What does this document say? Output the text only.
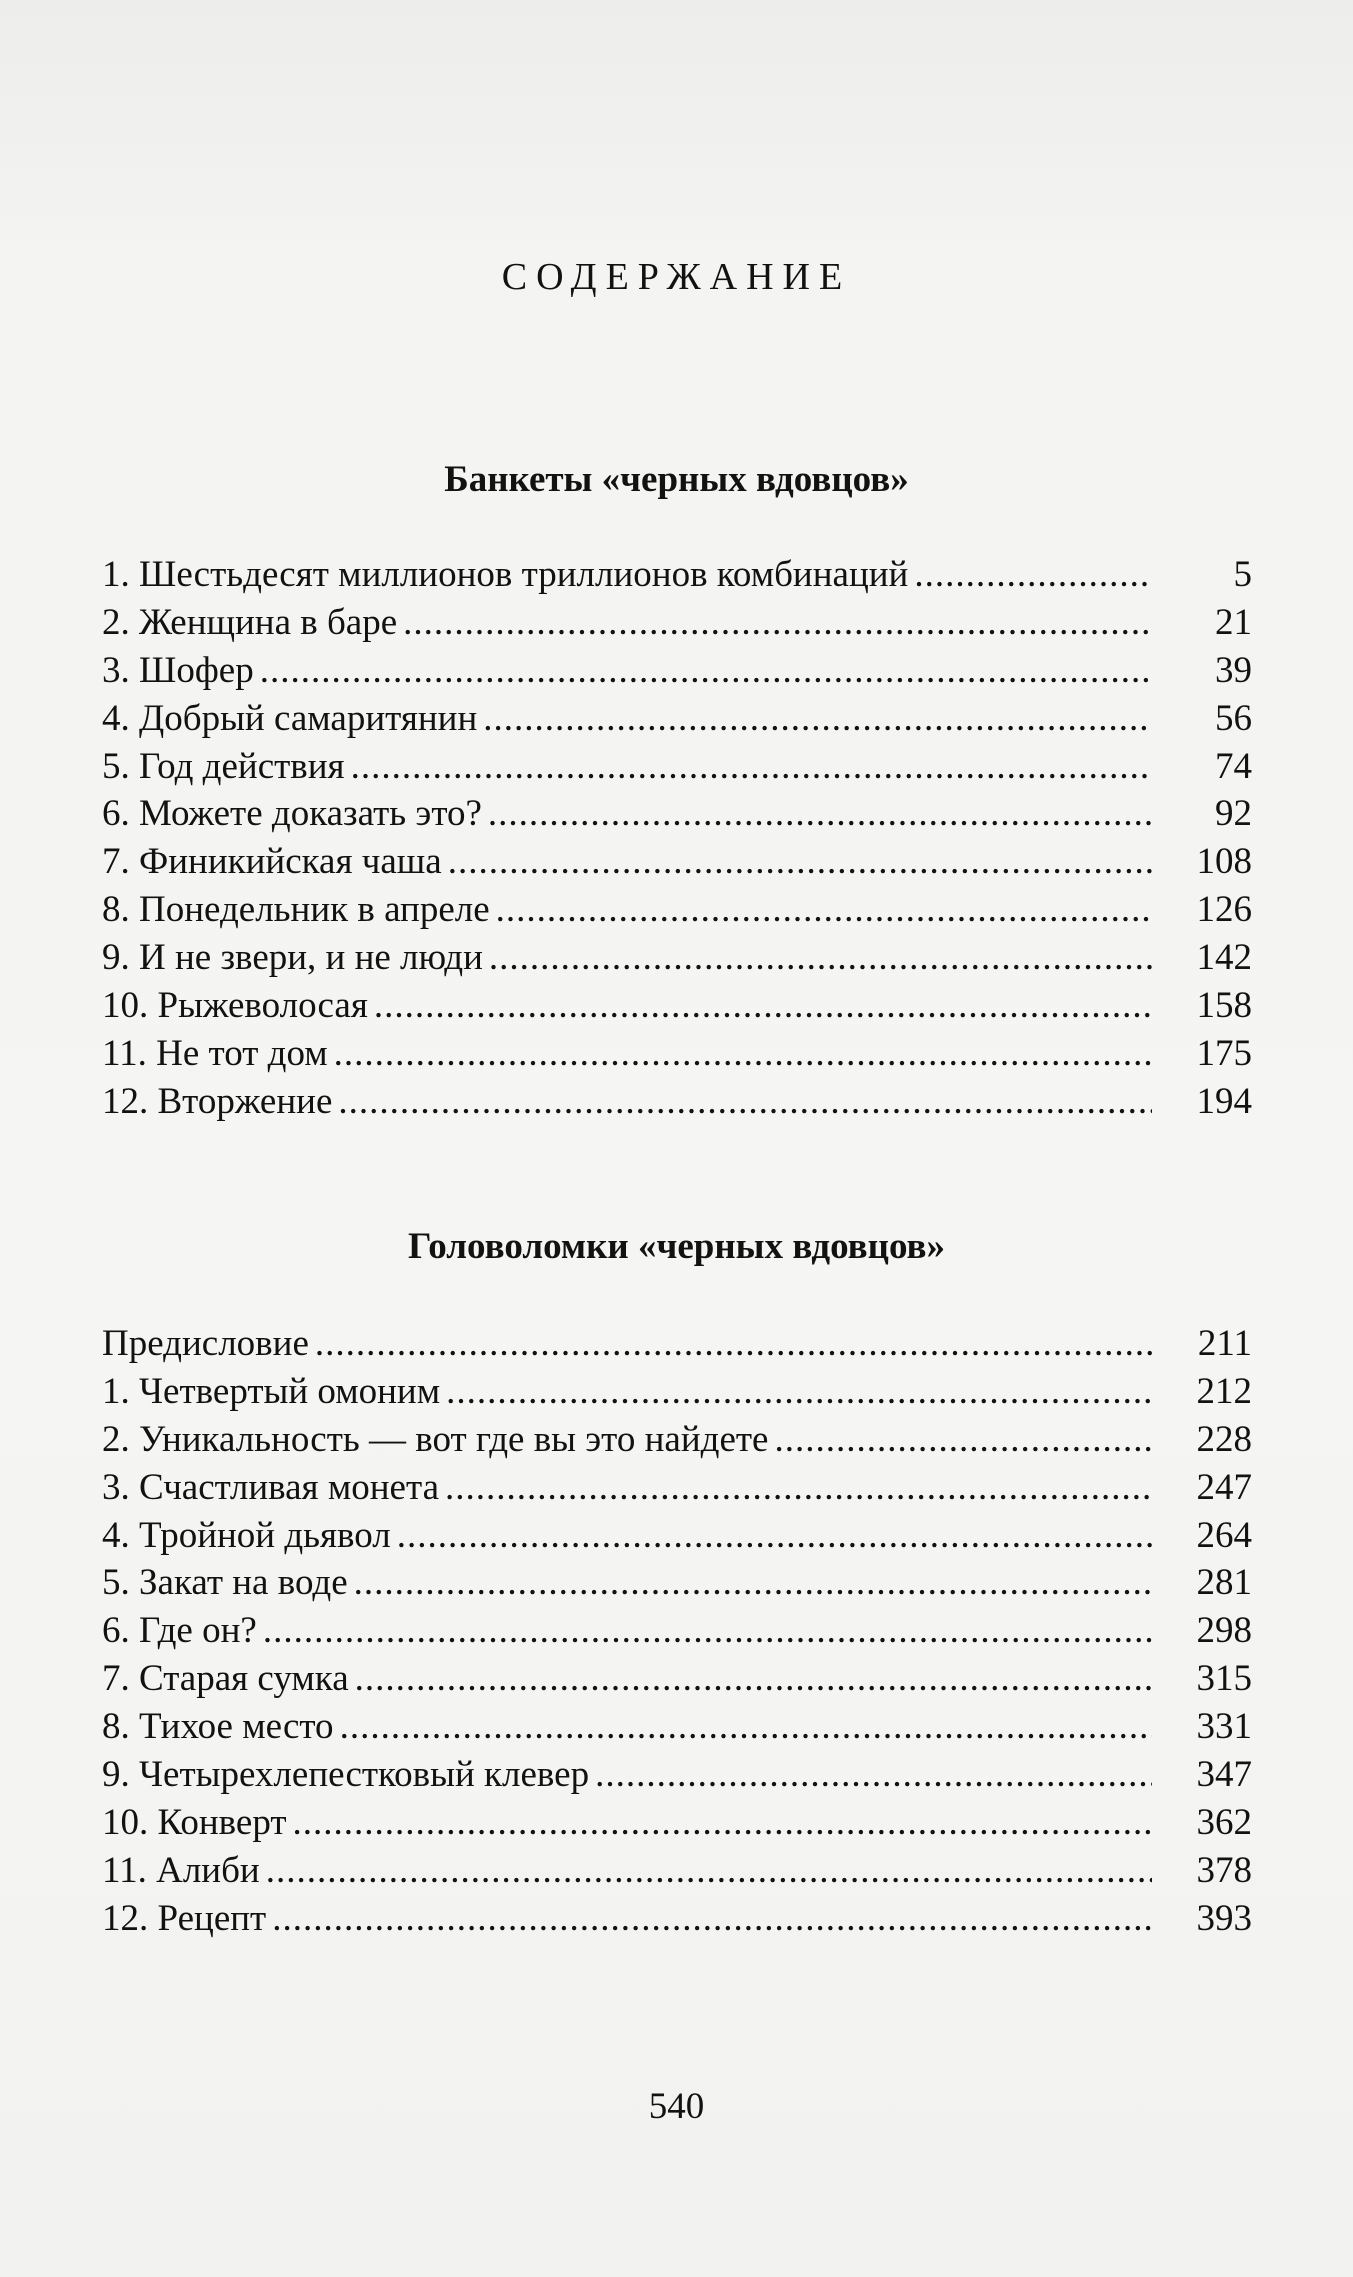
СОДЕРЖАНИЕ
Банкеты «черных вдовцов»
1. Шестьдесят миллионов триллионов комбинаций .....	5
2. Женщина в баре .....	21
3. Шофер .....	39
4. Добрый самаритянин .....	56
5. Год действия .....	74
6. Можете доказать это? .....	92
7. Финикийская чаша .....	108
8. Понедельник в апреле .....	126
9. И не звери, и не люди .....	142
10. Рыжеволосая .....	158
11. Не тот дом .....	175
12. Вторжение .....	194
Головоломки «черных вдовцов»
Предисловие .....	211
1. Четвертый омоним .....	212
2. Уникальность — вот где вы это найдете .....	228
3. Счастливая монета .....	247
4. Тройной дьявол .....	264
5. Закат на воде .....	281
6. Где он? .....	298
7. Старая сумка .....	315
8. Тихое место .....	331
9. Четырехлепестковый клевер .....	347
10. Конверт .....	362
11. Алиби .....	378
12. Рецепт .....	393
540
